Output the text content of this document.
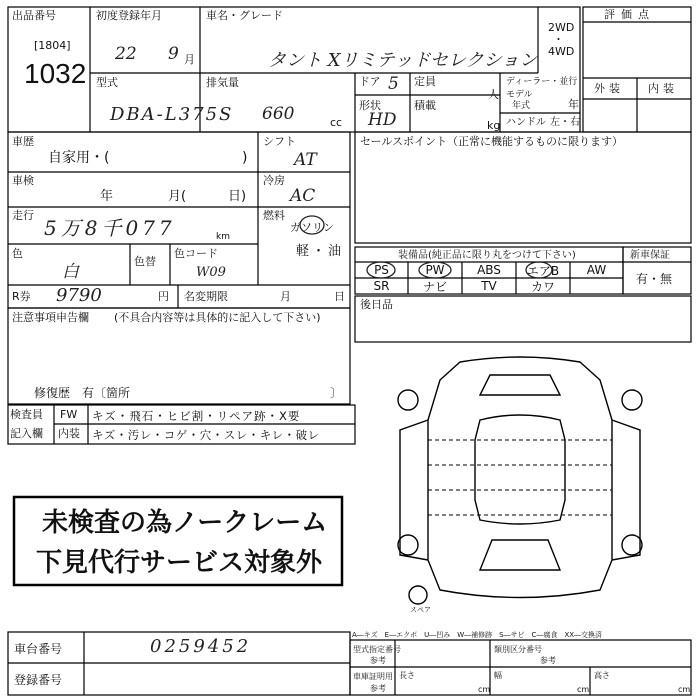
出品番号
[1804]
1032
初度登録年月
22 9 月
車名・グレード
タント Xリミテッドセレクション
2WD
・
4WD
評価点
外装 内装
型式
DBA-L375S
排気量
660	cc
ドア 5
形状
HD
定員
人
積載
kg
ディーラー・並行
モデル
年式	年
ハンドル 左・右
車歴
自家用・(	)
シフト
AT
車検
年	月(	日)
冷房
AC
走行
5万8千077	km
燃料
ガソリン
軽・油
色
白
色替
色コード
W09
R券 9790	円 名変期限	月	日
セールスポイント（正常に機能するものに限ります）
装備品(純正品に限り丸をつけて下さい)	新車保証
有・無
PS	PW	ABS	エアB	AW
SR	ナビ	TV	カワ
後日品
注意事項申告欄 (不具合内容等は具体的に記入して下さい)
修復歴　有〔箇所	〕
検査員
記入欄
FW キズ・飛石・ヒビ割・リペア跡・X要
内装 キズ・汚レ・コゲ・穴・スレ・キレ・破レ
未検査の為ノークレーム
下見代行サービス対象外
スペア
車台番号	0259452
登録番号
A―キズ　E―エクボ　U―凹み　W―補修跡　S―サビ　C―腐食　XX―交換済
型式指定番号
参考
類別区分番号
参考
車庫証明用
参考
長さ
cm
幅
cm
高さ
cm
